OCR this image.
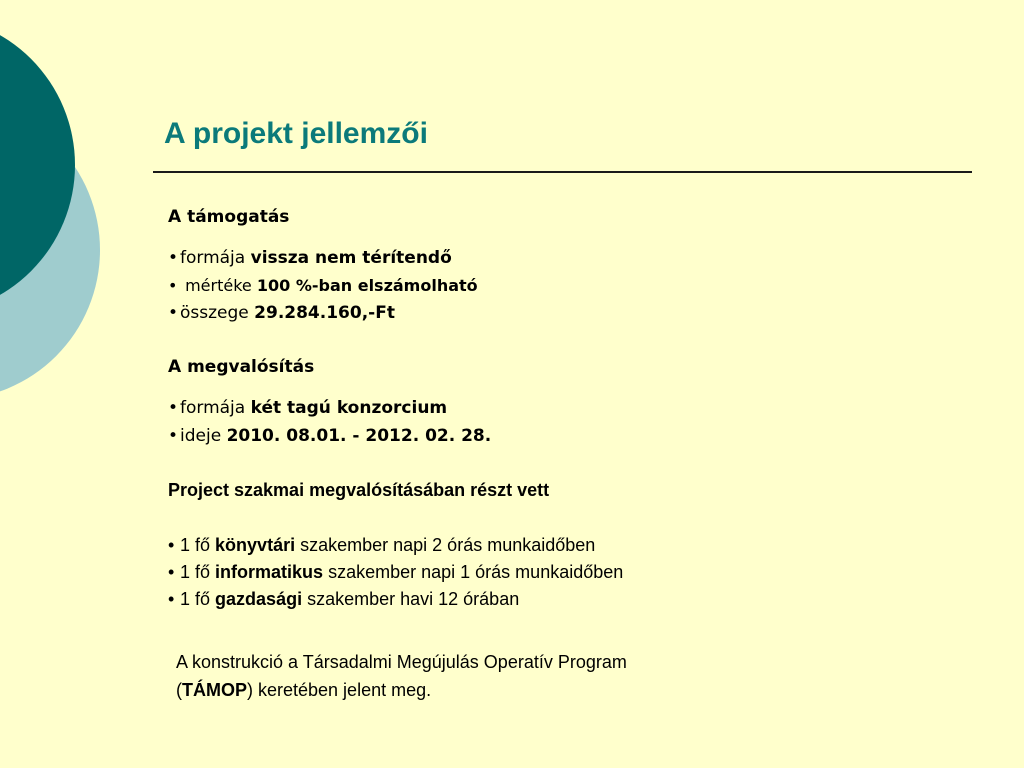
A projekt jellemzői
A támogatás
• formája vissza nem térítendő
• mértéke 100 %-ban elszámolható
• összege 29.284.160,-Ft
A megvalósítás
• formája két tagú konzorcium
• ideje 2010. 08.01. - 2012. 02. 28.
Project szakmai megvalósításában részt vett
• 1 fő könyvtári szakember napi 2 órás munkaidőben
• 1 fő informatikus szakember napi 1 órás munkaidőben
• 1 fő gazdasági szakember havi 12 órában
A konstrukció a Társadalmi Megújulás Operatív Program
(TÁMOP) keretében jelent meg.
